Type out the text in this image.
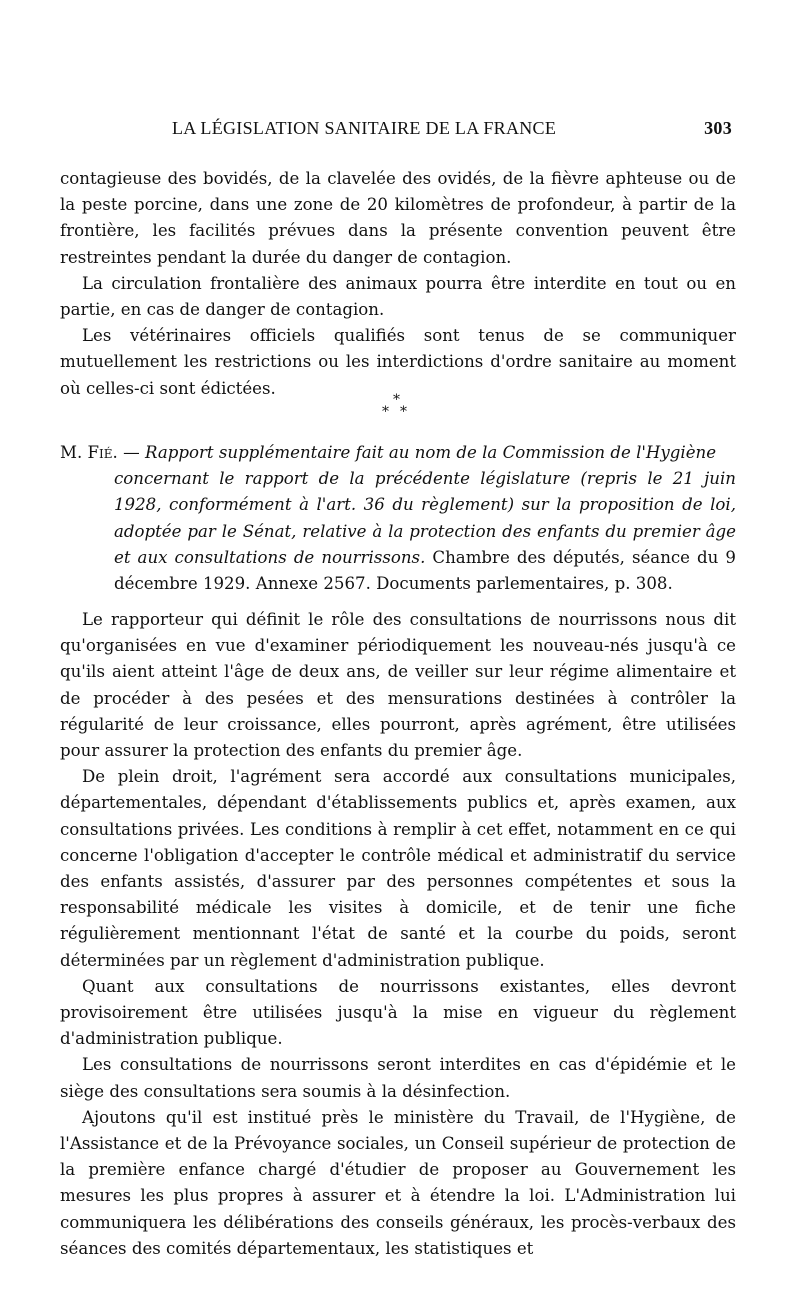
LA LÉGISLATION SANITAIRE DE LA FRANCE	303

contagieuse des bovidés, de la clavelée des ovidés, de la fièvre aphteuse ou de la peste porcine, dans une zone de 20 kilomètres de profondeur, à partir de la frontière, les facilités prévues dans la présente convention peuvent être restreintes pendant la durée du danger de contagion.

La circulation frontalière des animaux pourra être interdite en tout ou en partie, en cas de danger de contagion.

Les vétérinaires officiels qualifiés sont tenus de se communiquer mutuellement les restrictions ou les interdictions d'ordre sanitaire au moment où celles-ci sont édictées.

*
* *
M. Fié. — Rapport supplémentaire fait au nom de la Commission de l'Hygiène
concernant le rapport de la précédente législature (repris le 21 juin 1928, conformément à l'art. 36 du règlement) sur la proposition de loi, adoptée par le Sénat, relative à la protection des enfants du premier âge et aux consultations de nourrissons. Chambre des députés, séance du 9 décembre 1929. Annexe 2567. Documents parlementaires, p. 308.

Le rapporteur qui définit le rôle des consultations de nourrissons nous dit qu'organisées en vue d'examiner périodiquement les nouveau-nés jusqu'à ce qu'ils aient atteint l'âge de deux ans, de veiller sur leur régime alimentaire et de procéder à des pesées et des mensurations destinées à contrôler la régularité de leur croissance, elles pourront, après agrément, être utilisées pour assurer la protection des enfants du premier âge.

De plein droit, l'agrément sera accordé aux consultations municipales, départementales, dépendant d'établissements publics et, après examen, aux consultations privées. Les conditions à remplir à cet effet, notamment en ce qui concerne l'obligation d'accepter le contrôle médical et administratif du service des enfants assistés, d'assurer par des personnes compétentes et sous la responsabilité médicale les visites à domicile, et de tenir une fiche régulièrement mentionnant l'état de santé et la courbe du poids, seront déterminées par un règlement d'administration publique.

Quant aux consultations de nourrissons existantes, elles devront provisoirement être utilisées jusqu'à la mise en vigueur du règlement d'administration publique.

Les consultations de nourrissons seront interdites en cas d'épidémie et le siège des consultations sera soumis à la désinfection.

Ajoutons qu'il est institué près le ministère du Travail, de l'Hygiène, de l'Assistance et de la Prévoyance sociales, un Conseil supérieur de protection de la première enfance chargé d'étudier de proposer au Gouvernement les mesures les plus propres à assurer et à étendre la loi. L'Administration lui communiquera les délibérations des conseils généraux, les procès-verbaux des séances des comités départementaux, les statistiques et
